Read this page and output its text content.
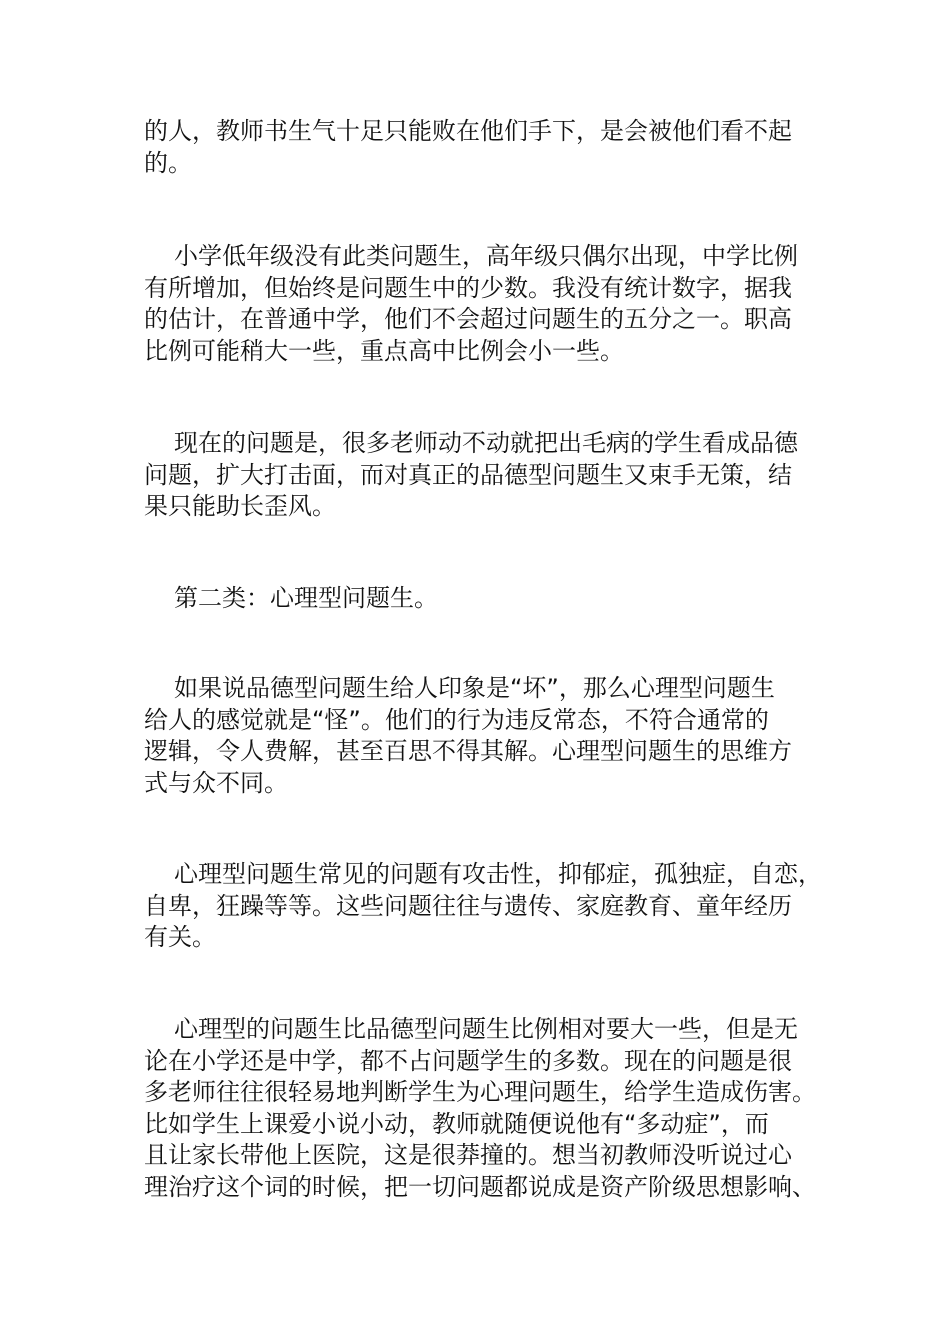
的人，教师书生气十足只能败在他们手下，是会被他们看不起
的。
小学低年级没有此类问题生，高年级只偶尔出现，中学比例
有所增加，但始终是问题生中的少数。我没有统计数字，据我
的估计，在普通中学，他们不会超过问题生的五分之一。职高
比例可能稍大一些，重点高中比例会小一些。
现在的问题是，很多老师动不动就把出毛病的学生看成品德
问题，扩大打击面，而对真正的品德型问题生又束手无策，结
果只能助长歪风。
第二类：心理型问题生。
如果说品德型问题生给人印象是“坏”，那么心理型问题生
给人的感觉就是“怪”。他们的行为违反常态，不符合通常的
逻辑，令人费解，甚至百思不得其解。心理型问题生的思维方
式与众不同。
心理型问题生常见的问题有攻击性，抑郁症，孤独症，自恋，
自卑，狂躁等等。这些问题往往与遗传、家庭教育、童年经历
有关。
心理型的问题生比品德型问题生比例相对要大一些，但是无
论在小学还是中学，都不占问题学生的多数。现在的问题是很
多老师往往很轻易地判断学生为心理问题生，给学生造成伤害。
比如学生上课爱小说小动，教师就随便说他有“多动症”，而
且让家长带他上医院，这是很莽撞的。想当初教师没听说过心
理治疗这个词的时候，把一切问题都说成是资产阶级思想影响、
